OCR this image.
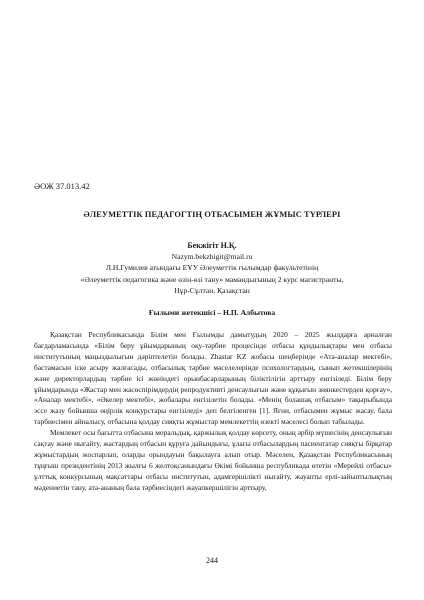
ӘОЖ 37.013.42
ӘЛЕУМЕТТІК ПЕДАГОГТІҢ ОТБАСЫМЕН ЖҰМЫС ТҮРЛЕРІ
Бекжігіт Н.Қ.
Nazym.bekzhigit@mail.ru
Л.Н.Гумилев атындағы ЕҰУ Әлеуметтік ғылымдар факультетінің
«Әлеуметтік педагогика және өзін-өзі тану» мамандығының 2 курс магистранты,
Нұр-Сұлтан, Қазақстан
Ғылыми жетекшісі – Н.П. Албытова

Қазақстан Республикасында Білім мен Ғылымды дамытудың 2020 – 2025 жылдарға арналған бағдарламасында «Білім беру ұйымдарының оқу-тәрбие процесінде отбасы құндылықтары мен отбасы институтының маңыздылығын дәріптелетін болады. Zhastar KZ жобасы шеңберінде «Ата-аналар мектебі», бастамасын іске асыру жалғасады, отбасылық тәрбие мәселелерінде психологтардың, сынып жетекшілерінің және директорлардың тәрбие ісі жөніндегі орынбасарларының біліктілігін арттыру енгізіледі. Білім беру ұйымдарында «Жастар мен жасөспірімдердің репродуктивті денсаулығын және құқығын зиянкестерден қорғау», «Аналар мектебі», «Әкелер мектебі», жобалары енгізілетін болады. «Менің болашақ отбасым» тақырыбында эссе жазу бойынша өңірлік конкурстары енгізіледі» деп белгіленген [1]. Яғни, отбасымен жұмыс жасау, бала тәрбиесімен айналысу, отбасына қолдау сияқты жұмыстар мемлекеттің өзекті мәселесі болып табылады.

Мемлекет осы бағытта отбасына моральдық, қаржылық қолдау көрсету, оның әрбір мүшесінің денсаулығын сақтау және нығайту, жастардың отбасын құруға дайындығы, ұлағы отбасылардың пасиентатар сияқты бірқатар жұмыстардың жоспарлап, оларды орындауын бақылауға алып отыр. Мәселен, Қазақстан Республикасының тұңғыш президентінің 2013 жылғы 6 желтоқсанындағы Өкімі бойынша республикада өтетін «Мерейлі отбасы» ұлттық конкурсының мақсаттары отбасы институтын, адамгершілікті нығайту, жауапты ерлі-зайыптылықтың мәдениетін тану, ата-ананың бала тәрбиесіндегі жауапкершілігін арттыру,

244
